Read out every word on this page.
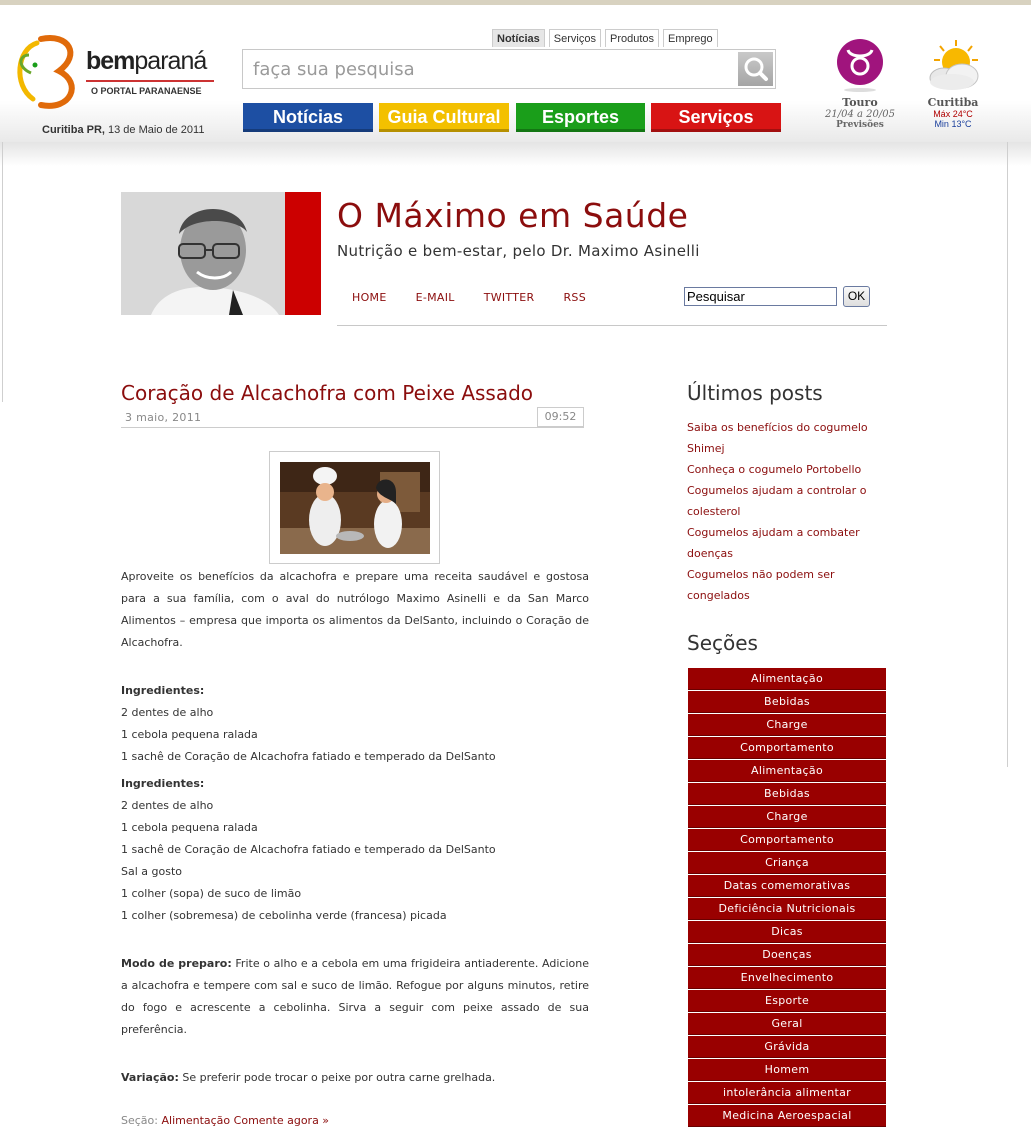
bemparaná
O PORTAL PARANAENSE
Curitiba PR, 13 de Maio de 2011
Notícias	Serviços	Produtos	Emprego
faça sua pesquisa
Notícias	Guia Cultural	Esportes	Serviços
Touro
21/04 a 20/05
Previsões
Curitiba
Máx 24°C
Min 13°C
O Máximo em Saúde
Nutrição e bem-estar, pelo Dr. Maximo Asinelli
HOME	E-MAIL	TWITTER	RSS
Pesquisar	OK
Coração de Alcachofra com Peixe Assado
3 maio, 2011	09:52

Aproveite os benefícios da alcachofra e prepare uma receita saudável e gostosa para a sua família, com o aval do nutrólogo Maximo Asinelli e da San Marco Alimentos – empresa que importa os alimentos da DelSanto, incluindo o Coração de Alcachofra.

Ingredientes:

2 dentes de alho

1 cebola pequena ralada

1 sachê de Coração de Alcachofra fatiado e temperado da DelSanto

Ingredientes:

2 dentes de alho

1 cebola pequena ralada

1 sachê de Coração de Alcachofra fatiado e temperado da DelSanto

Sal a gosto

1 colher (sopa) de suco de limão

1 colher (sobremesa) de cebolinha verde (francesa) picada

Modo de preparo: Frite o alho e a cebola em uma frigideira antiaderente. Adicione a alcachofra e tempere com sal e suco de limão. Refogue por alguns minutos, retire do fogo e acrescente a cebolinha. Sirva a seguir com peixe assado de sua preferência.

Variação: Se preferir pode trocar o peixe por outra carne grelhada.

Seção: Alimentação Comente agora »
Últimos posts
Saiba os benefícios do cogumelo
Shimej
Conheça o cogumelo Portobello
Cogumelos ajudam a controlar o
colesterol
Cogumelos ajudam a combater
doenças
Cogumelos não podem ser
congelados
Seções
Alimentação
Bebidas
Charge
Comportamento
Alimentação
Bebidas
Charge
Comportamento
Criança
Datas comemorativas
Deficiência Nutricionais
Dicas
Doenças
Envelhecimento
Esporte
Geral
Grávida
Homem
intolerância alimentar
Medicina Aeroespacial
